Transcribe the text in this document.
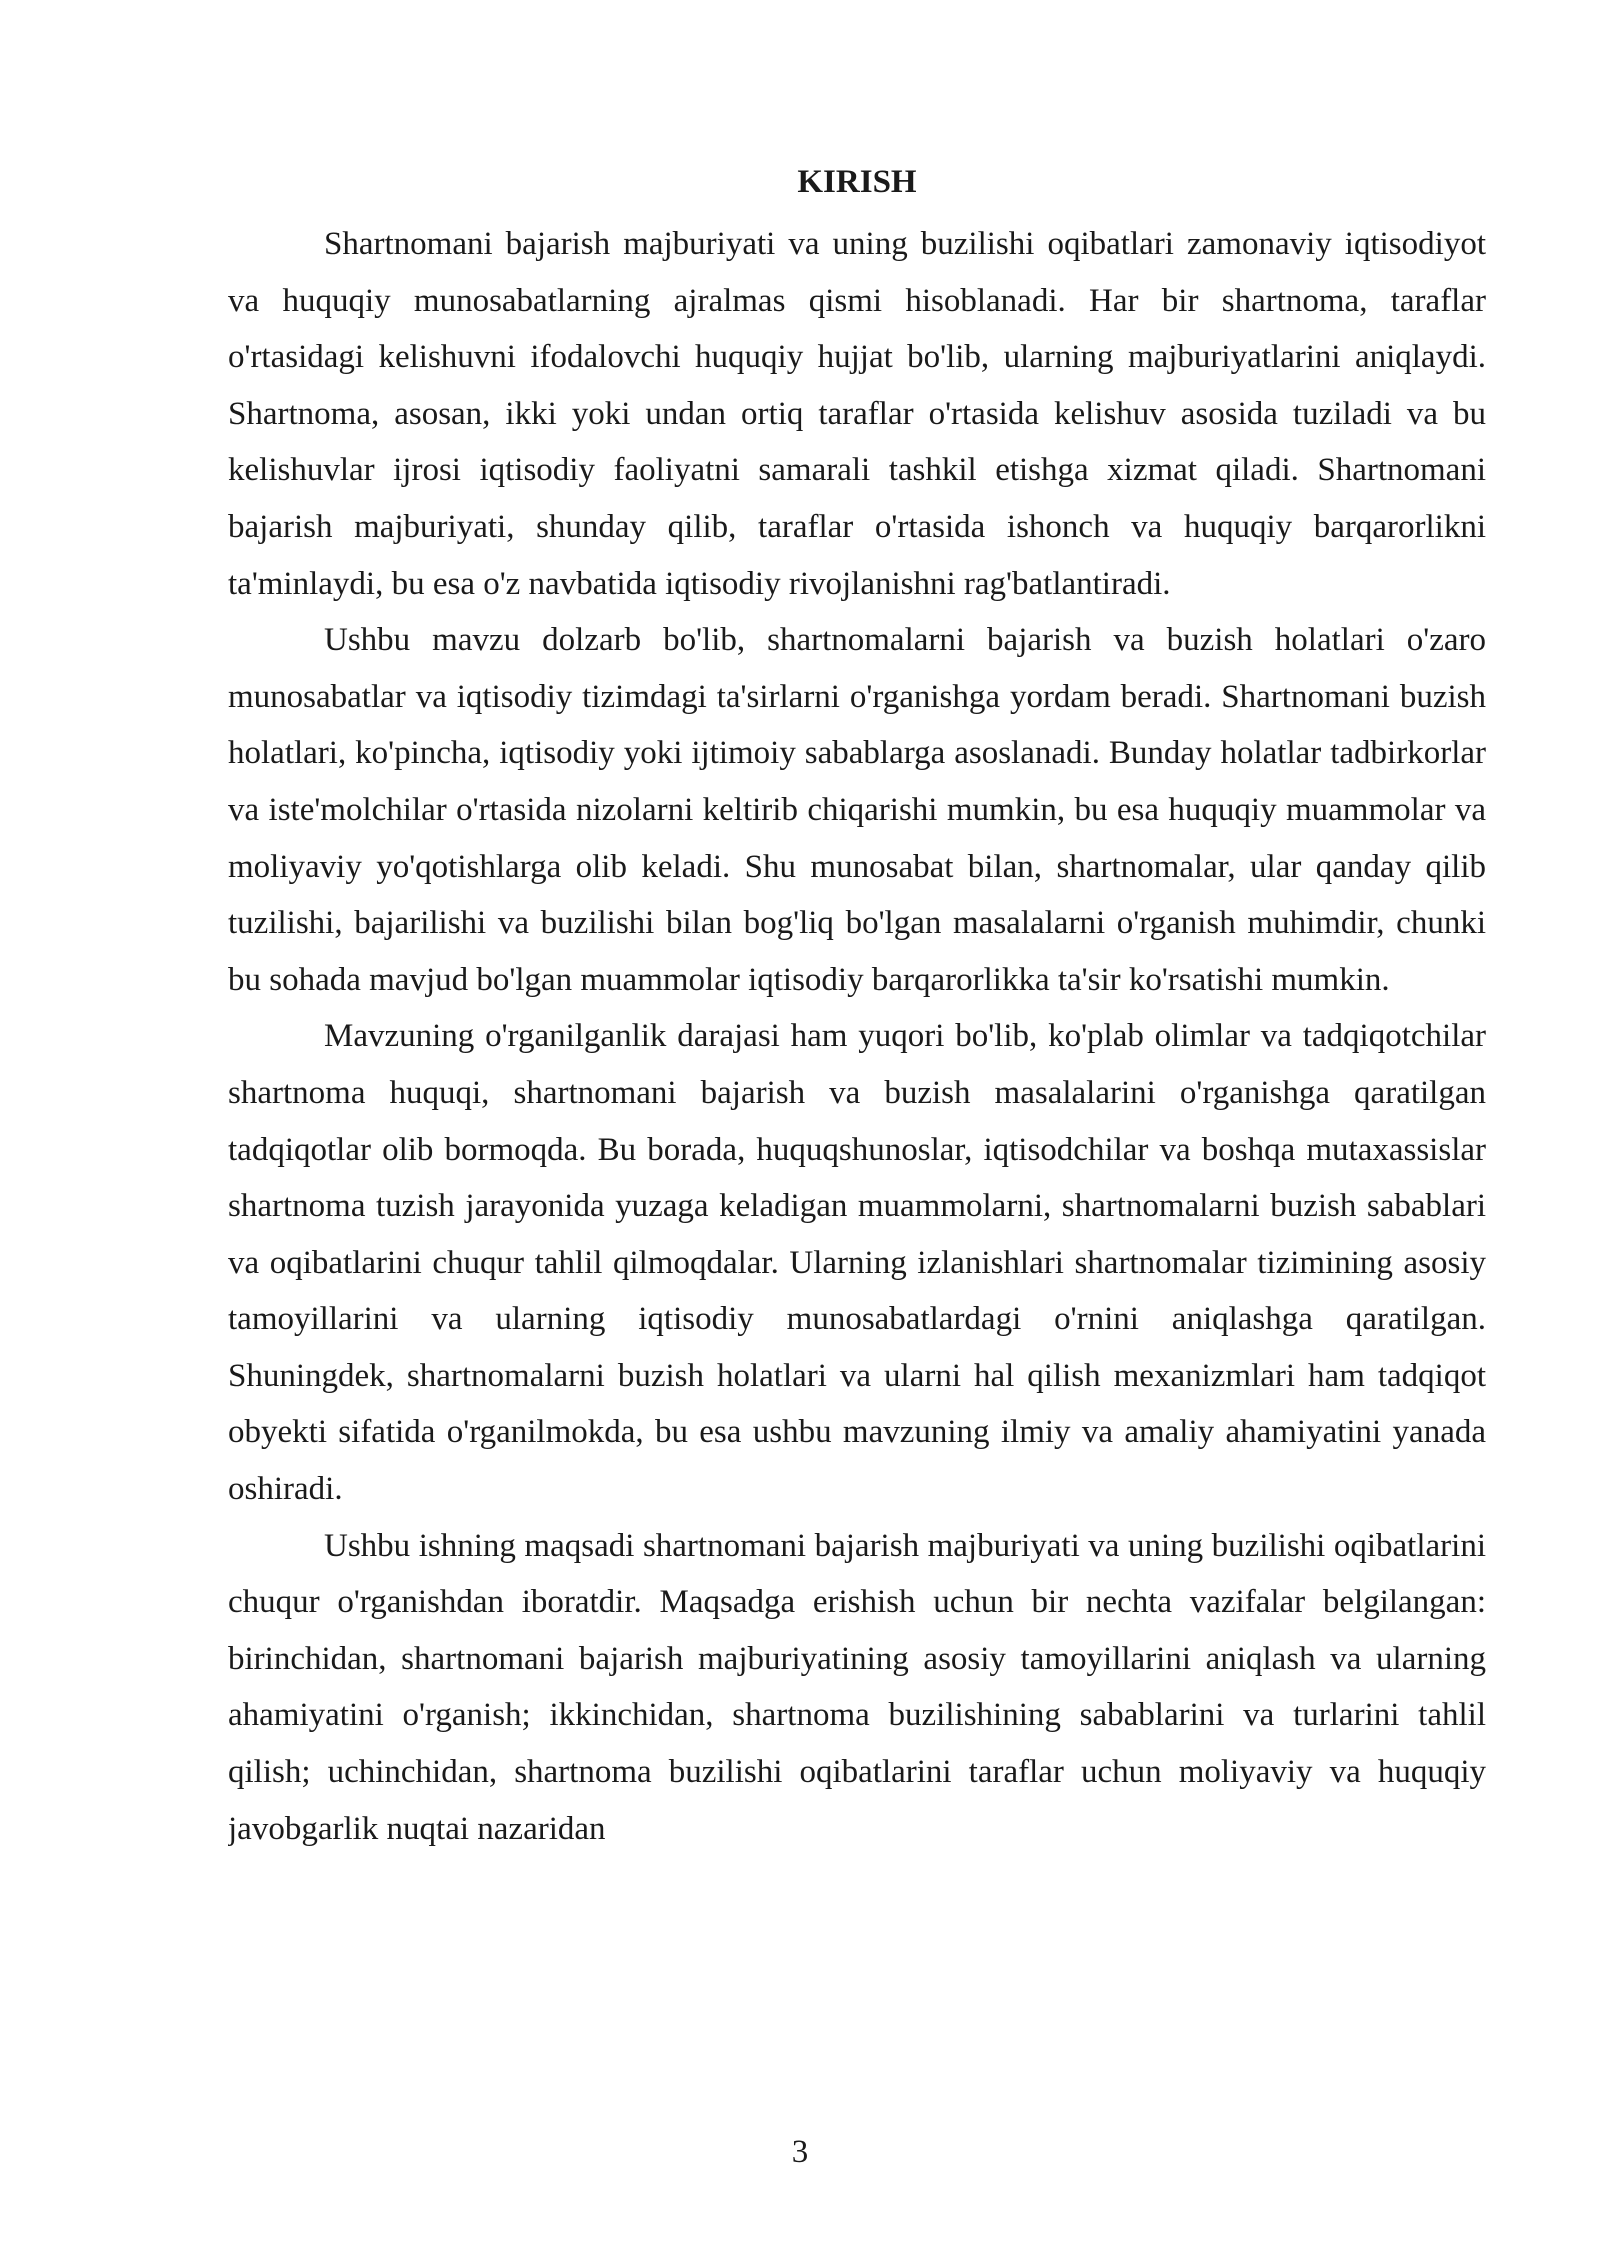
KIRISH

Shartnomani bajarish majburiyati va uning buzilishi oqibatlari zamonaviy iqtisodiyot va huquqiy munosabatlarning ajralmas qismi hisoblanadi. Har bir shartnoma, taraflar o'rtasidagi kelishuvni ifodalovchi huquqiy hujjat bo'lib, ularning majburiyatlarini aniqlaydi. Shartnoma, asosan, ikki yoki undan ortiq taraflar o'rtasida kelishuv asosida tuziladi va bu kelishuvlar ijrosi iqtisodiy faoliyatni samarali tashkil etishga xizmat qiladi. Shartnomani bajarish majburiyati, shunday qilib, taraflar o'rtasida ishonch va huquqiy barqarorlikni ta'minlaydi, bu esa o'z navbatida iqtisodiy rivojlanishni rag'batlantiradi.

Ushbu mavzu dolzarb bo'lib, shartnomalarni bajarish va buzish holatlari o'zaro munosabatlar va iqtisodiy tizimdagi ta'sirlarni o'rganishga yordam beradi. Shartnomani buzish holatlari, ko'pincha, iqtisodiy yoki ijtimoiy sabablarga asoslanadi. Bunday holatlar tadbirkorlar va iste'molchilar o'rtasida nizolarni keltirib chiqarishi mumkin, bu esa huquqiy muammolar va moliyaviy yo'qotishlarga olib keladi. Shu munosabat bilan, shartnomalar, ular qanday qilib tuzilishi, bajarilishi va buzilishi bilan bog'liq bo'lgan masalalarni o'rganish muhimdir, chunki bu sohada mavjud bo'lgan muammolar iqtisodiy barqarorlikka ta'sir ko'rsatishi mumkin.

Mavzuning o'rganilganlik darajasi ham yuqori bo'lib, ko'plab olimlar va tadqiqotchilar shartnoma huquqi, shartnomani bajarish va buzish masalalarini o'rganishga qaratilgan tadqiqotlar olib bormoqda. Bu borada, huquqshunoslar, iqtisodchilar va boshqa mutaxassislar shartnoma tuzish jarayonida yuzaga keladigan muammolarni, shartnomalarni buzish sabablari va oqibatlarini chuqur tahlil qilmoqdalar. Ularning izlanishlari shartnomalar tizimining asosiy tamoyillarini va ularning iqtisodiy munosabatlardagi o'rnini aniqlashga qaratilgan. Shuningdek, shartnomalarni buzish holatlari va ularni hal qilish mexanizmlari ham tadqiqot obyekti sifatida o'rganilmokda, bu esa ushbu mavzuning ilmiy va amaliy ahamiyatini yanada oshiradi.

Ushbu ishning maqsadi shartnomani bajarish majburiyati va uning buzilishi oqibatlarini chuqur o'rganishdan iboratdir. Maqsadga erishish uchun bir nechta vazifalar belgilangan: birinchidan, shartnomani bajarish majburiyatining asosiy tamoyillarini aniqlash va ularning ahamiyatini o'rganish; ikkinchidan, shartnoma buzilishining sabablarini va turlarini tahlil qilish; uchinchidan, shartnoma buzilishi oqibatlarini taraflar uchun moliyaviy va huquqiy javobgarlik nuqtai nazaridan

3
